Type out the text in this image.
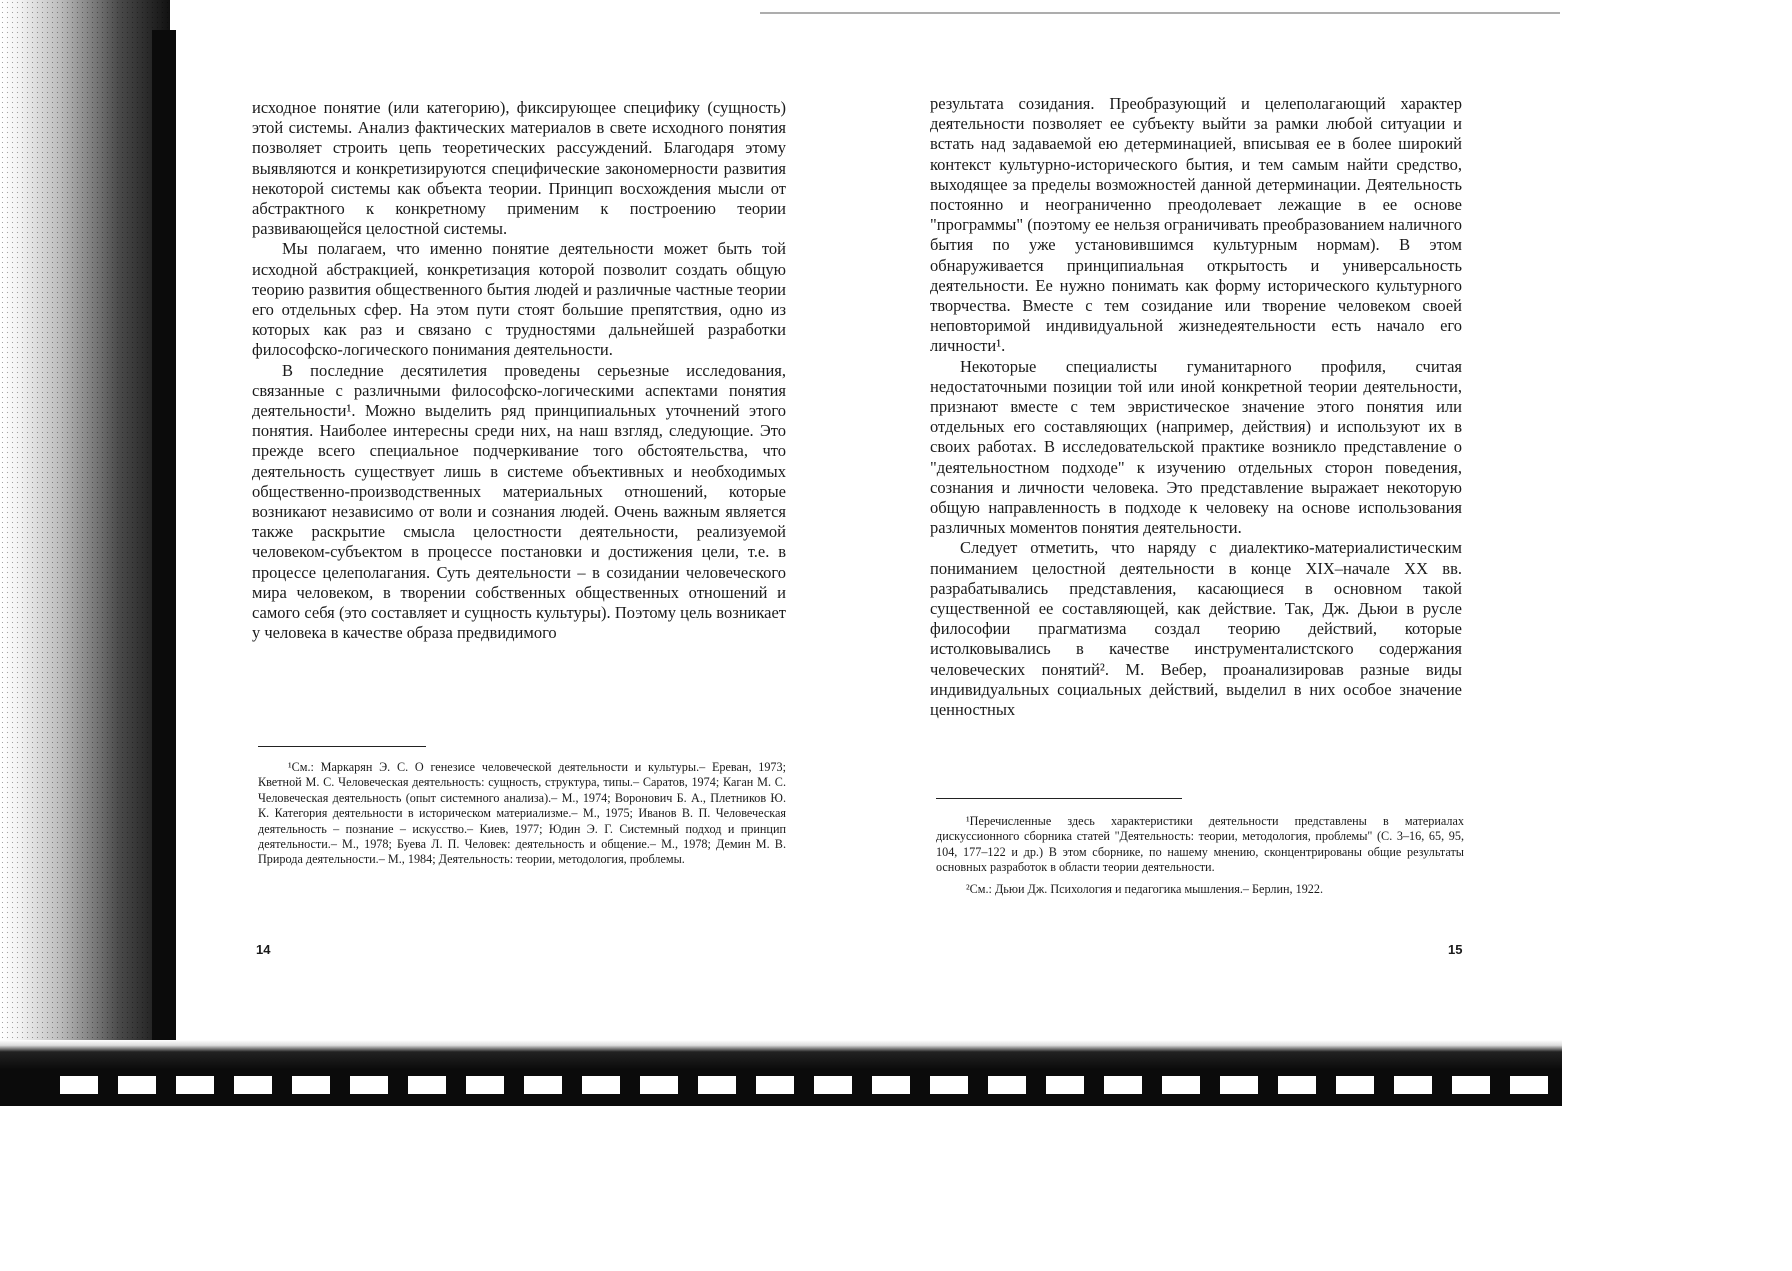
исходное понятие (или категорию), фиксирующее специфику (сущность) этой системы. Анализ фактических материалов в свете исходного понятия позволяет строить цепь теоретических рассуждений. Благодаря этому выявляются и конкретизируются специфические закономерности развития некоторой системы как объекта теории. Принцип восхождения мысли от абстрактного к конкретному применим к построению теории развивающейся целостной системы.

Мы полагаем, что именно понятие деятельности может быть той исходной абстракцией, конкретизация которой позволит создать общую теорию развития общественного бытия людей и различные частные теории его отдельных сфер. На этом пути стоят большие препятствия, одно из которых как раз и связано с трудностями дальнейшей разработки философско-логического понимания деятельности.

В последние десятилетия проведены серьезные исследования, связанные с различными философско-логическими аспектами понятия деятельности¹. Можно выделить ряд принципиальных уточнений этого понятия. Наиболее интересны среди них, на наш взгляд, следующие. Это прежде всего специальное подчеркивание того обстоятельства, что деятельность существует лишь в системе объективных и необходимых общественно-производственных материальных отношений, которые возникают независимо от воли и сознания людей. Очень важным является также раскрытие смысла целостности деятельности, реализуемой человеком-субъектом в процессе постановки и достижения цели, т.е. в процессе целеполагания. Суть деятельности – в созидании человеческого мира человеком, в творении собственных общественных отношений и самого себя (это составляет и сущность культуры). Поэтому цель возникает у человека в качестве образа предвидимого

¹См.: Маркарян Э. С. О генезисе человеческой деятельности и культуры.– Ереван, 1973; Кветной М. С. Человеческая деятельность: сущность, структура, типы.– Саратов, 1974; Каган М. С. Человеческая деятельность (опыт системного анализа).– М., 1974; Воронович Б. А., Плетников Ю. К. Категория деятельности в историческом материализме.– М., 1975; Иванов В. П. Человеческая деятельность – познание – искусство.– Киев, 1977; Юдин Э. Г. Системный подход и принцип деятельности.– М., 1978; Буева Л. П. Человек: деятельность и общение.– М., 1978; Демин М. В. Природа деятельности.– М., 1984; Деятельность: теории, методология, проблемы.

14

результата созидания. Преобразующий и целеполагающий характер деятельности позволяет ее субъекту выйти за рамки любой ситуации и встать над задаваемой ею детерминацией, вписывая ее в более широкий контекст культурно-исторического бытия, и тем самым найти средство, выходящее за пределы возможностей данной детерминации. Деятельность постоянно и неограниченно преодолевает лежащие в ее основе "программы" (поэтому ее нельзя ограничивать преобразованием наличного бытия по уже установившимся культурным нормам). В этом обнаруживается принципиальная открытость и универсальность деятельности. Ее нужно понимать как форму исторического культурного творчества. Вместе с тем созидание или творение человеком своей неповторимой индивидуальной жизнедеятельности есть начало его личности¹.

Некоторые специалисты гуманитарного профиля, считая недостаточными позиции той или иной конкретной теории деятельности, признают вместе с тем эвристическое значение этого понятия или отдельных его составляющих (например, действия) и используют их в своих работах. В исследовательской практике возникло представление о "деятельностном подходе" к изучению отдельных сторон поведения, сознания и личности человека. Это представление выражает некоторую общую направленность в подходе к человеку на основе использования различных моментов понятия деятельности.

Следует отметить, что наряду с диалектико-материалистическим пониманием целостной деятельности в конце XIX–начале XX вв. разрабатывались представления, касающиеся в основном такой существенной ее составляющей, как действие. Так, Дж. Дьюи в русле философии прагматизма создал теорию действий, которые истолковывались в качестве инструменталистского содержания человеческих понятий². М. Вебер, проанализировав разные виды индивидуальных социальных действий, выделил в них особое значение ценностных

¹Перечисленные здесь характеристики деятельности представлены в материалах дискуссионного сборника статей "Деятельность: теории, методология, проблемы" (С. 3–16, 65, 95, 104, 177–122 и др.) В этом сборнике, по нашему мнению, сконцентрированы общие результаты основных разработок в области теории деятельности.

²См.: Дьюи Дж. Психология и педагогика мышления.– Берлин, 1922.

15
